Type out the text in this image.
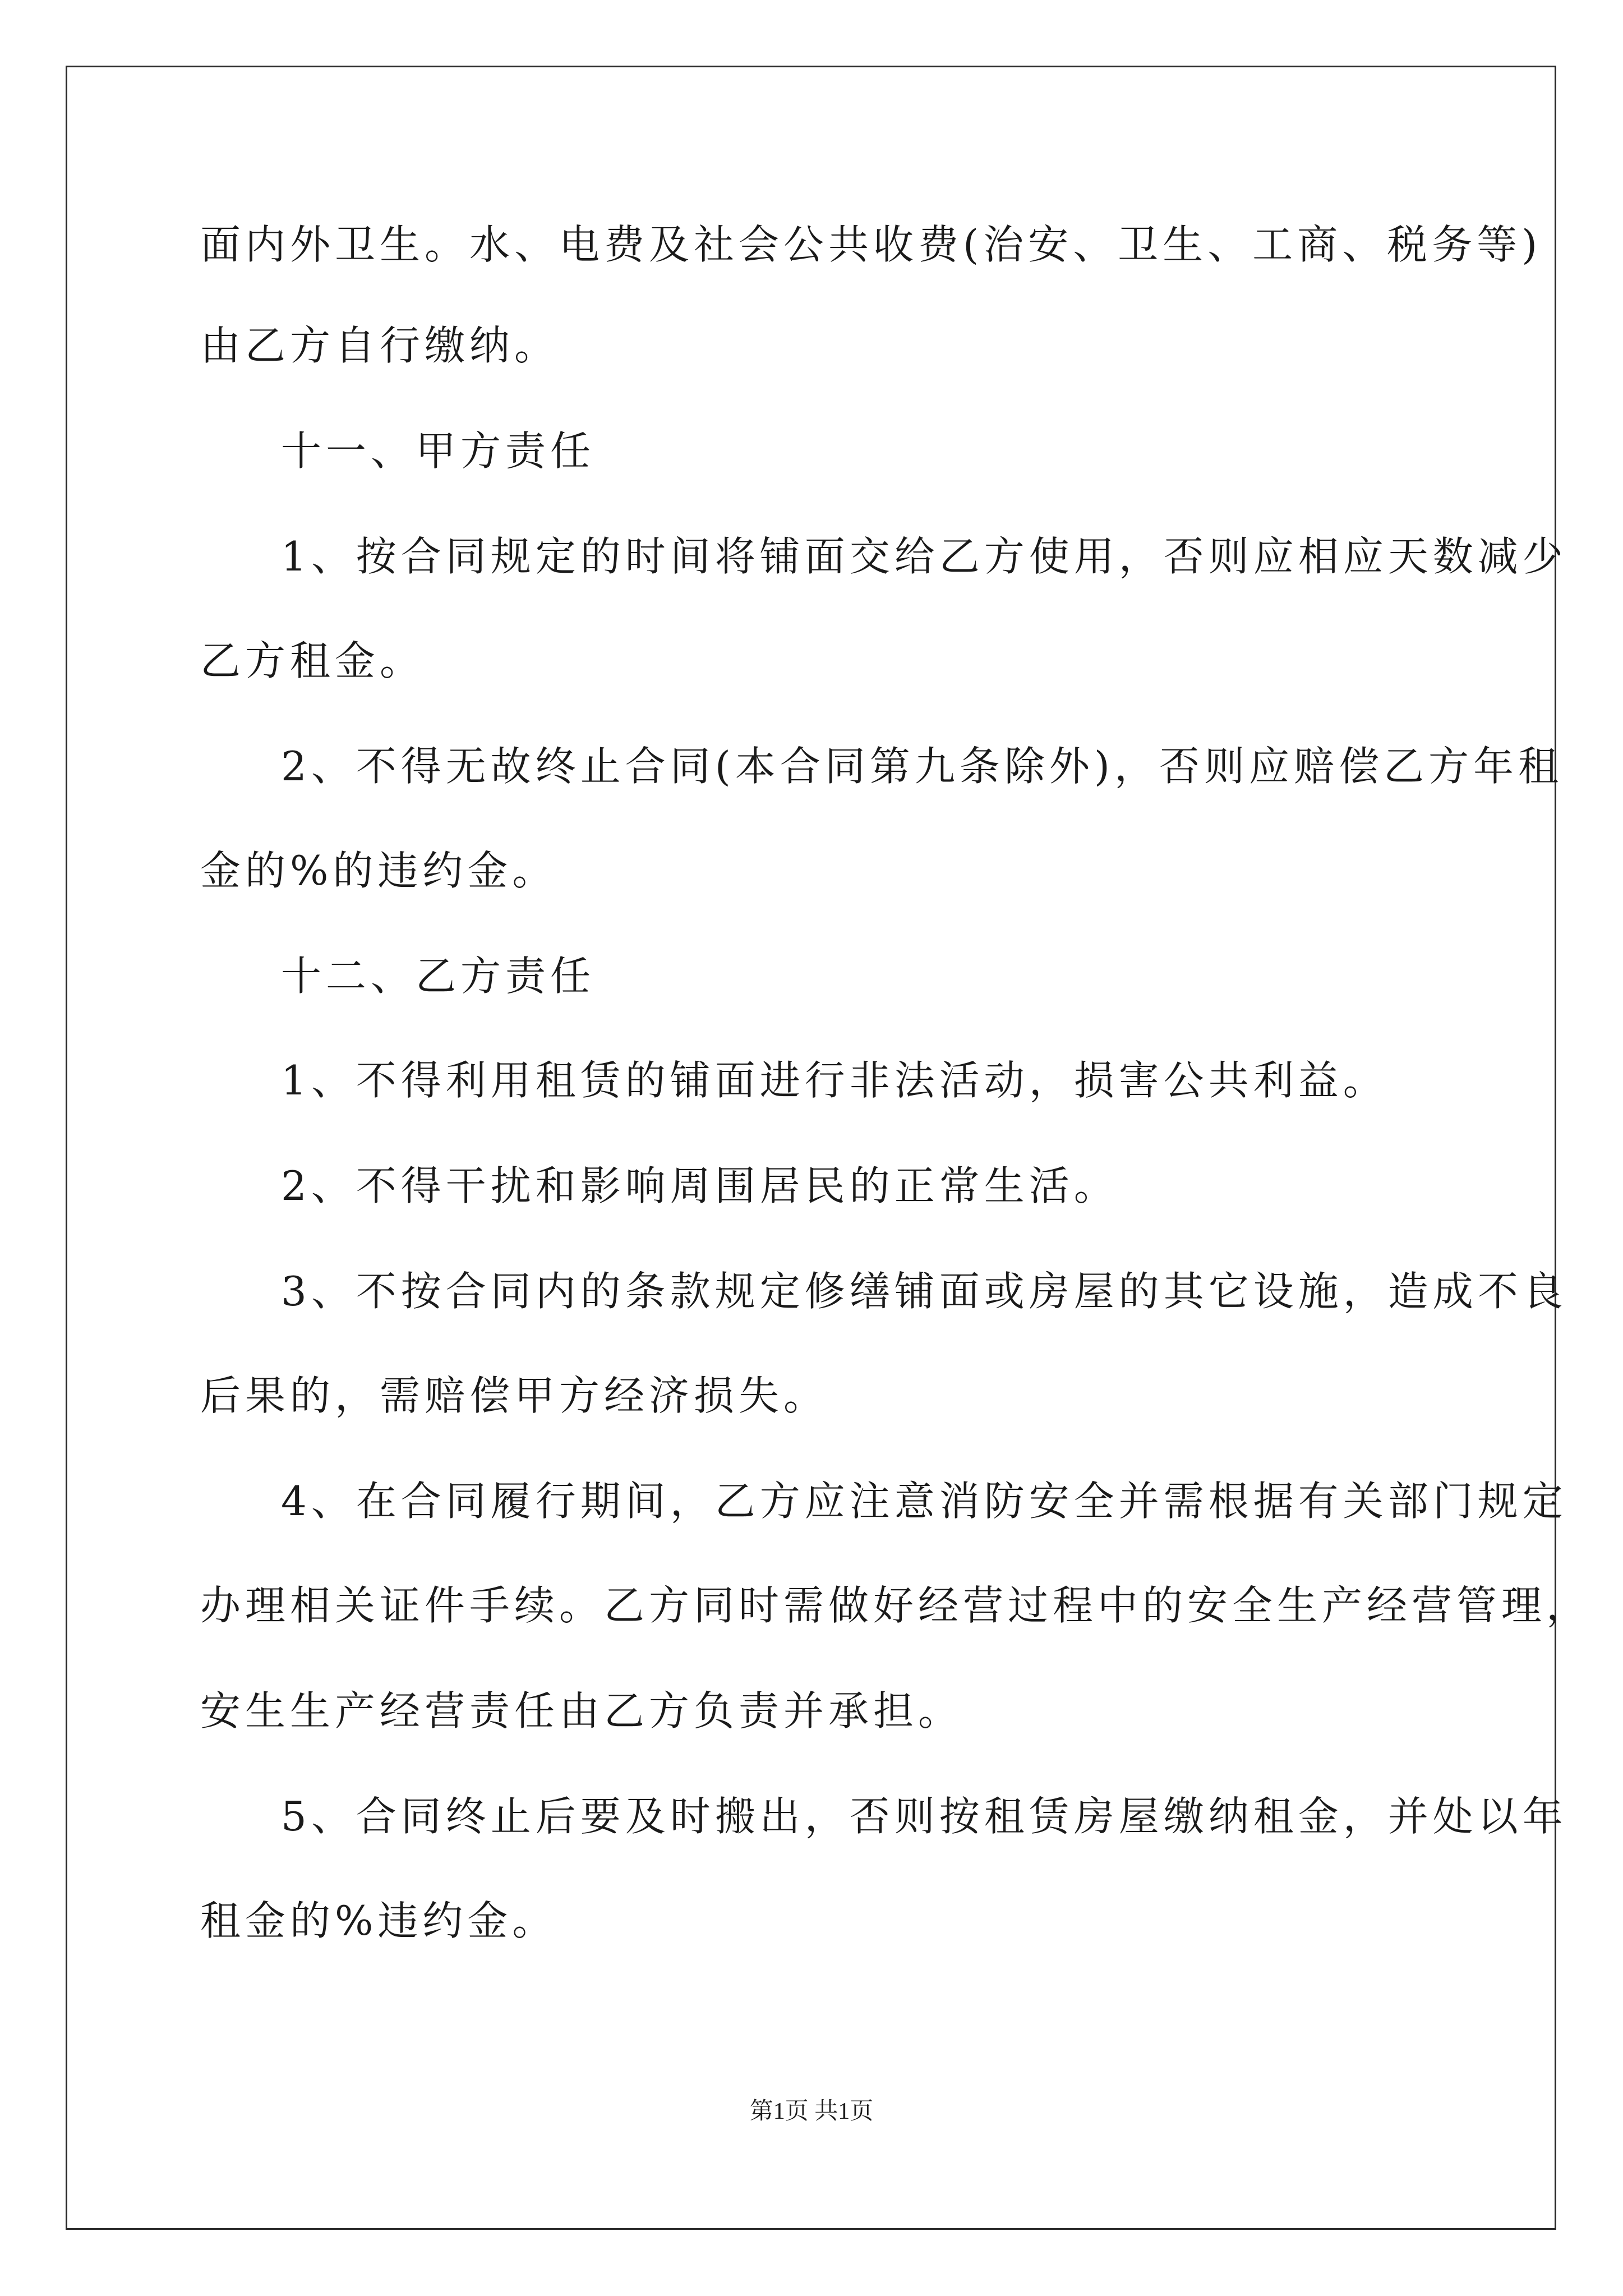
面内外卫生。水、电费及社会公共收费(治安、卫生、工商、税务等)
由乙方自行缴纳。
十一、甲方责任
1、按合同规定的时间将铺面交给乙方使用，否则应相应天数减少
乙方租金。
2、不得无故终止合同(本合同第九条除外)，否则应赔偿乙方年租
金的%的违约金。
十二、乙方责任
1、不得利用租赁的铺面进行非法活动，损害公共利益。
2、不得干扰和影响周围居民的正常生活。
3、不按合同内的条款规定修缮铺面或房屋的其它设施，造成不良
后果的，需赔偿甲方经济损失。
4、在合同履行期间，乙方应注意消防安全并需根据有关部门规定
办理相关证件手续。乙方同时需做好经营过程中的安全生产经营管理，
安生生产经营责任由乙方负责并承担。
5、合同终止后要及时搬出，否则按租赁房屋缴纳租金，并处以年
租金的%违约金。
第1页 共1页
